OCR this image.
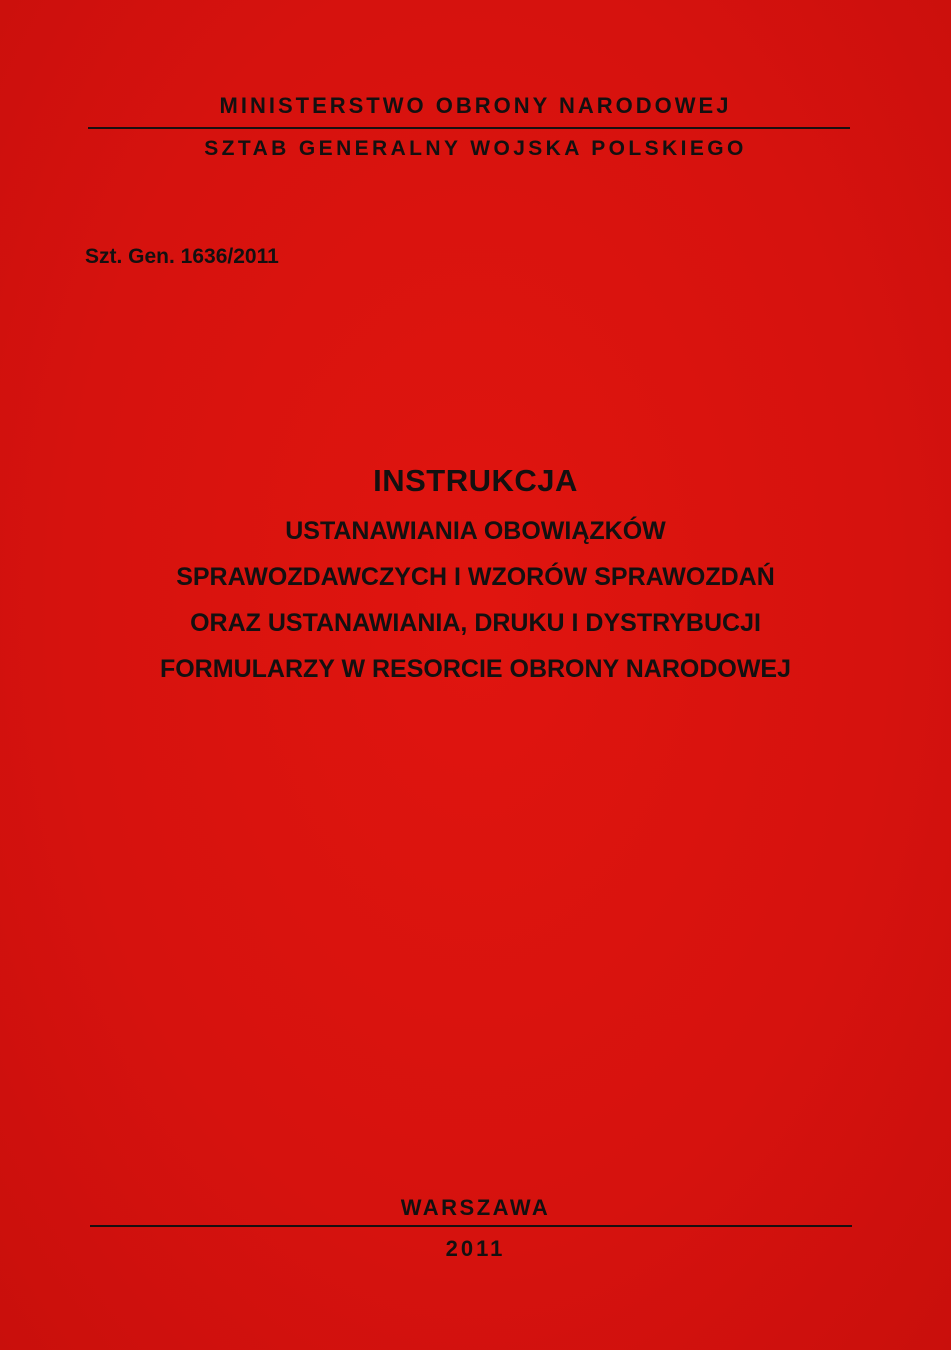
MINISTERSTWO OBRONY NARODOWEJ
SZTAB GENERALNY WOJSKA POLSKIEGO
Szt. Gen. 1636/2011
INSTRUKCJA
USTANAWIANIA OBOWIĄZKÓW
SPRAWOZDAWCZYCH I WZORÓW SPRAWOZDAŃ
ORAZ USTANAWIANIA, DRUKU I DYSTRYBUCJI
FORMULARZY W RESORCIE OBRONY NARODOWEJ
WARSZAWA
2011
